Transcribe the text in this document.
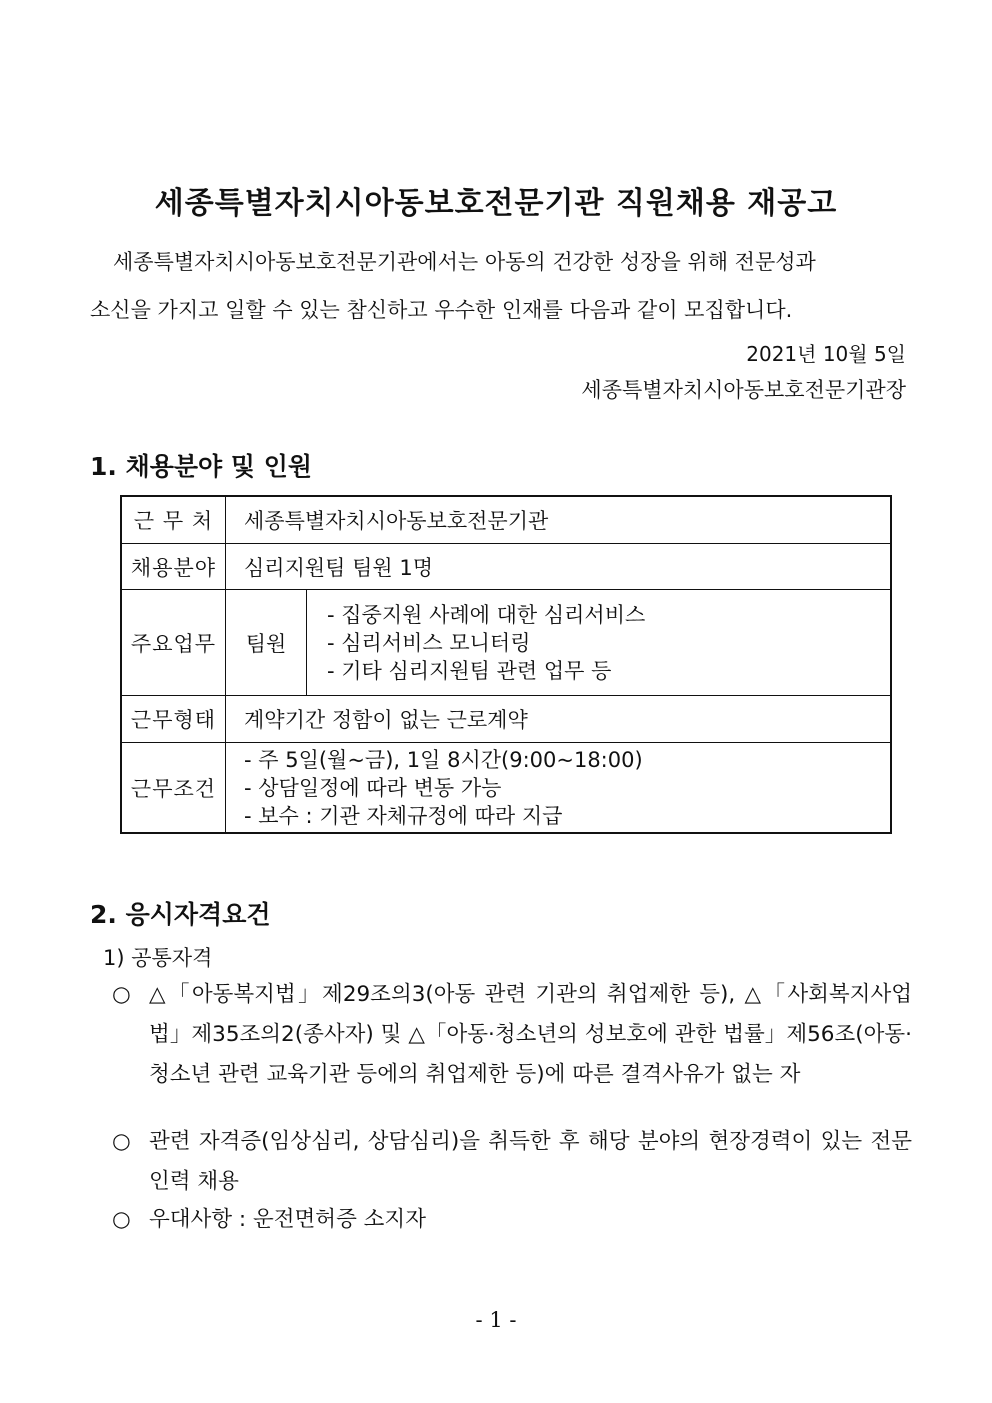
세종특별자치시아동보호전문기관 직원채용 재공고
세종특별자치시아동보호전문기관에서는 아동의 건강한 성장을 위해 전문성과
소신을 가지고 일할 수 있는 참신하고 우수한 인재를 다음과 같이 모집합니다.
2021년 10월 5일
세종특별자치시아동보호전문기관장
1. 채용분야 및 인원
근 무 처	세종특별자치시아동보호전문기관	
채용분야	심리지원팀 팀원 1명	
주요업무	팀원	- 집중지원 사례에 대한 심리서비스
- 심리서비스 모니터링
- 기타 심리지원팀 관련 업무 등

근무형태	계약기간 정함이 없는 근로계약	
근무조건	- 주 5일(월~금), 1일 8시간(9:00~18:00)
- 상담일정에 따라 변동 가능
- 보수 : 기관 자체규정에 따라 지급	
2. 응시자격요건
1) 공통자격
○ △「아동복지법」제29조의3(아동 관련 기관의 취업제한 등), △「사회복지사업법」제35조의2(종사자) 및 △「아동·청소년의 성보호에 관한 법률」제56조(아동·청소년 관련 교육기관 등에의 취업제한 등)에 따른 결격사유가 없는 자
○ 관련 자격증(임상심리, 상담심리)을 취득한 후 해당 분야의 현장경력이 있는 전문인력 채용
○ 우대사항 : 운전면허증 소지자
- 1 -
